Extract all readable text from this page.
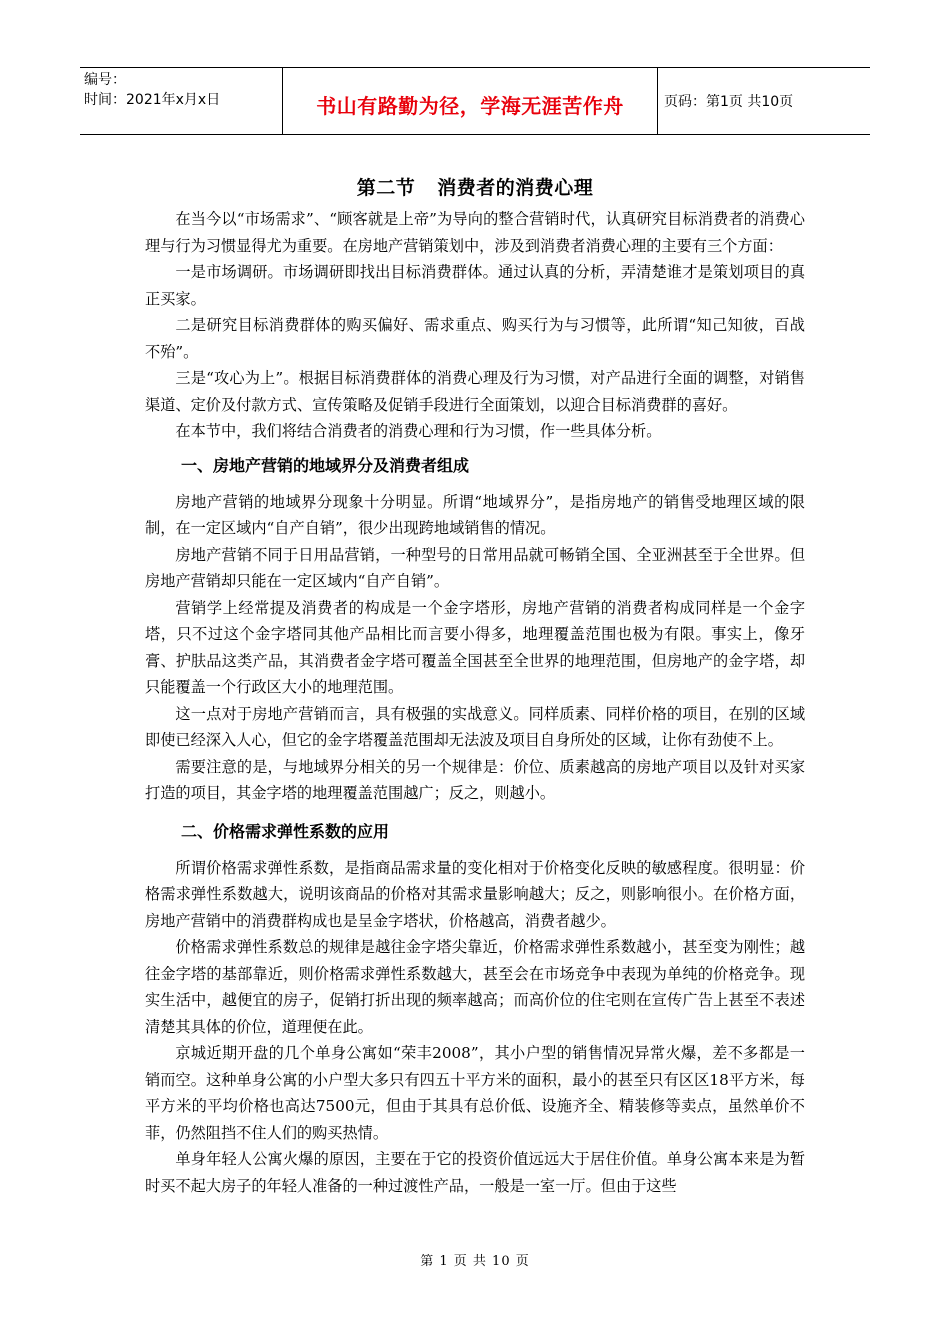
编号：
时间：2021年x月x日	书山有路勤为径，学海无涯苦作舟	页码：第1页 共10页
第二节 消费者的消费心理

在当今以“市场需求”、“顾客就是上帝”为导向的整合营销时代，认真研究目标消费者的消费心理与行为习惯显得尤为重要。在房地产营销策划中，涉及到消费者消费心理的主要有三个方面：

一是市场调研。市场调研即找出目标消费群体。通过认真的分析，弄清楚谁才是策划项目的真正买家。

二是研究目标消费群体的购买偏好、需求重点、购买行为与习惯等，此所谓“知己知彼，百战不殆”。

三是“攻心为上”。根据目标消费群体的消费心理及行为习惯，对产品进行全面的调整，对销售渠道、定价及付款方式、宣传策略及促销手段进行全面策划，以迎合目标消费群的喜好。

在本节中，我们将结合消费者的消费心理和行为习惯，作一些具体分析。

一、房地产营销的地域界分及消费者组成

房地产营销的地域界分现象十分明显。所谓“地域界分”，是指房地产的销售受地理区域的限制，在一定区域内“自产自销”，很少出现跨地域销售的情况。

房地产营销不同于日用品营销，一种型号的日常用品就可畅销全国、全亚洲甚至于全世界。但房地产营销却只能在一定区域内“自产自销”。

营销学上经常提及消费者的构成是一个金字塔形，房地产营销的消费者构成同样是一个金字塔，只不过这个金字塔同其他产品相比而言要小得多，地理覆盖范围也极为有限。事实上，像牙膏、护肤品这类产品，其消费者金字塔可覆盖全国甚至全世界的地理范围，但房地产的金字塔，却只能覆盖一个行政区大小的地理范围。

这一点对于房地产营销而言，具有极强的实战意义。同样质素、同样价格的项目，在别的区域即使已经深入人心，但它的金字塔覆盖范围却无法波及项目自身所处的区域，让你有劲使不上。

需要注意的是，与地域界分相关的另一个规律是：价位、质素越高的房地产项目以及针对买家打造的项目，其金字塔的地理覆盖范围越广；反之，则越小。

二、价格需求弹性系数的应用

所谓价格需求弹性系数，是指商品需求量的变化相对于价格变化反映的敏感程度。很明显：价格需求弹性系数越大，说明该商品的价格对其需求量影响越大；反之，则影响很小。在价格方面，房地产营销中的消费群构成也是呈金字塔状，价格越高，消费者越少。

价格需求弹性系数总的规律是越往金字塔尖靠近，价格需求弹性系数越小，甚至变为刚性；越往金字塔的基部靠近，则价格需求弹性系数越大，甚至会在市场竞争中表现为单纯的价格竞争。现实生活中，越便宜的房子，促销打折出现的频率越高；而高价位的住宅则在宣传广告上甚至不表述清楚其具体的价位，道理便在此。

京城近期开盘的几个单身公寓如“荣丰2008”，其小户型的销售情况异常火爆，差不多都是一销而空。这种单身公寓的小户型大多只有四五十平方米的面积，最小的甚至只有区区18平方米，每平方米的平均价格也高达7500元，但由于其具有总价低、设施齐全、精装修等卖点，虽然单价不菲，仍然阻挡不住人们的购买热情。

单身年轻人公寓火爆的原因，主要在于它的投资价值远远大于居住价值。单身公寓本来是为暂时买不起大房子的年轻人准备的一种过渡性产品，一般是一室一厅。但由于这些

第 1 页 共 10 页
